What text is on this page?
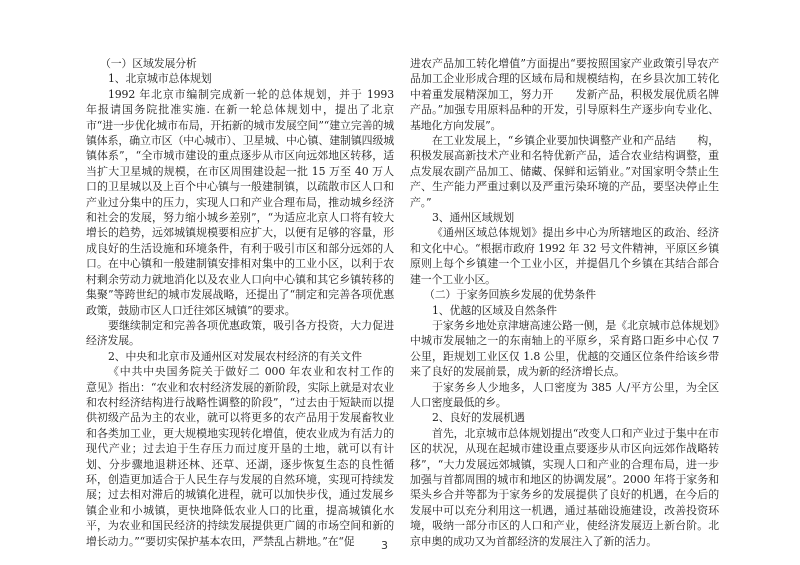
（一）区域发展分析

1、北京城市总体规划

1992 年北京市编制完成新一轮的总体规划，并于 1993　　年报请国务院批准实施. 在新一轮总体规划中，提出了北京　　市“进一步优化城市布局，开拓新的城市发展空间”“建立完善的城镇体系，确立市区（中心城市）、卫星城、中心镇、建制镇四级城镇体系”，“全市城市建设的重点逐步从市区向远郊地区转移，适当扩大卫星城的规模，在市区周围建设起一批 15 万至 40 万人口的卫星城以及上百个中心镇与一般建制镇，以疏散市区人口和产业过分集中的压力，实现人口和产业合理布局，推动城乡经济和社会的发展，努力缩小城乡差别”，“为适应北京人口将有较大增长的趋势，远郊城镇规模要相应扩大，以便有足够的容量，形成良好的生活设施和环境条件，有利于吸引市区和部分远郊的人口。在中心镇和一般建制镇安排相对集中的工业小区，以利于农村剩余劳动力就地消化以及农业人口向中心镇和其它乡镇转移的集聚”等跨世纪的城市发展战略，还提出了“制定和完善各项优惠政策，鼓励市区人口迁往郊区城镇”的要求。

要继续制定和完善各项优惠政策，吸引各方投资，大力促进经济发展。

2、中央和北京市及通州区对发展农村经济的有关文件

《中共中央国务院关于做好二 000 年农业和农村工作的　　意见》指出：“农业和农村经济发展的新阶段，实际上就是对农业和农村经济结构进行战略性调整的阶段”，“过去由于短缺而以提供初级产品为主的农业，就可以将更多的农产品用于发展畜牧业和各类加工业，更大规模地实现转化增值，使农业成为有活力的现代产业；过去迫于生存压力而过度开垦的土地，就可以有计划、分步骤地退耕还林、还草、还湖，逐步恢复生态的良性循环，创造更加适合于人民生存与发展的自然环境，实现可持续发展；过去相对滞后的城镇化进程，就可以加快步伐，通过发展乡镇企业和小城镇，更快地降低农业人口的比重，提高城镇化水平，为农业和国民经济的持续发展提供更广阔的市场空间和新的增长动力。”“要切实保护基本农田，严禁乱占耕地。”在“促

进农产品加工转化增值”方面提出“要按照国家产业政策引导农产品加工企业形成合理的区域布局和规模结构，在乡县次加工转化中着重发展精深加工，努力开　　发新产品，积极发展优质名牌产品。”加强专用原料品种的开发，引导原料生产逐步向专业化、基地化方向发展”。

在工业发展上，“乡镇企业要加快调整产业和产品结　　构，积极发展高新技术产业和名特优新产品，适合农业结构调整，重点发展农副产品加工、储藏、保鲜和运销业。”对国家明令禁止生产、生产能力严重过剩以及严重污染环境的产品，要坚决停止生产。”

3、通州区域规划

《通州区域总体规划》提出乡中心为所辖地区的政治、经济和文化中心。“根据市政府 1992 年 32 号文件精神，平原区乡镇原则上每个乡镇建一个工业小区，并提倡几个乡镇在其结合部合建一个工业小区。

（二）于家务回族乡发展的优势条件

1、优越的区域及自然条件

于家务乡地处京津塘高速公路一侧，是《北京城市总体规划》中城市发展轴之一的东南轴上的平原乡，采育路口距乡中心仅 7 公里，距规划工业区仅 1.8 公里，优越的交通区位条件给该乡带来了良好的发展前景，成为新的经济增长点。

于家务乡人少地多，人口密度为 385 人/平方公里，为全区人口密度最低的乡。

2、良好的发展机遇

首先，北京城市总体规划提出“改变人口和产业过于集中在市区的状况，从现在起城市建设重点要逐步从市区向远郊作战略转移”，“大力发展远郊城镇，实现人口和产业的合理布局，进一步加强与首都周围的城市和地区的协调发展”。2000 年将于家务和渠头乡合并等都为于家务乡的发展提供了良好的机遇，在今后的发展中可以充分利用这一机遇，通过基础设施建设，改善投资环境，吸纳一部分市区的人口和产业，使经济发展迈上新台阶。北京申奥的成功又为首都经济的发展注入了新的活力。

3
